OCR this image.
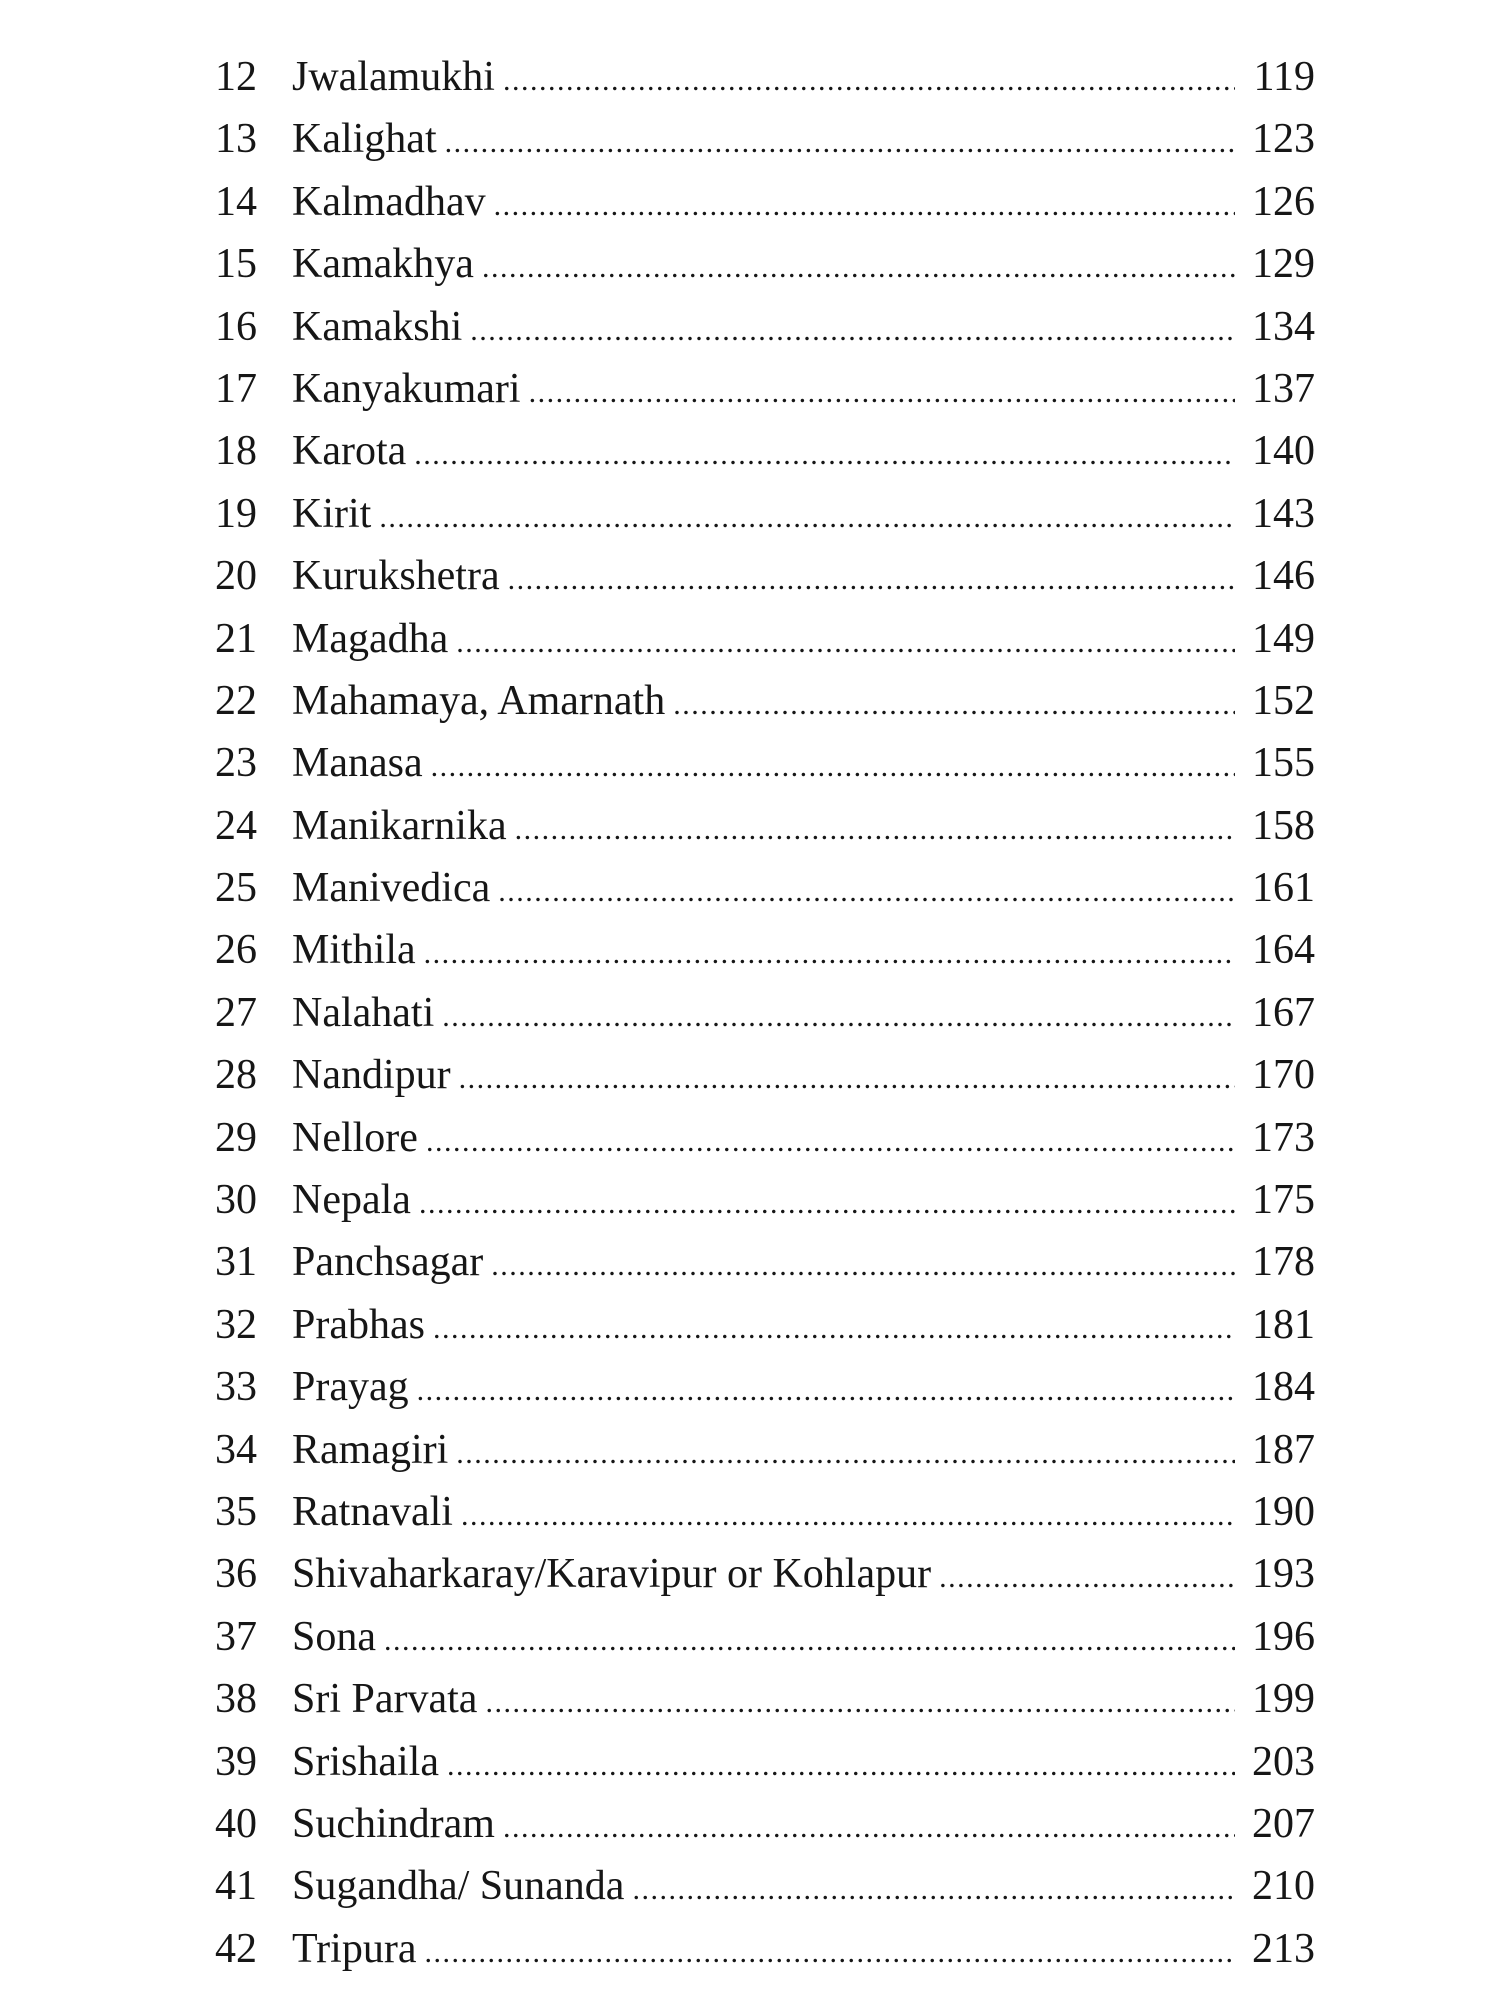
12 Jwalamukhi .....	119
13 Kalighat .....	123
14 Kalmadhav .....	126
15 Kamakhya .....	129
16 Kamakshi .....	134
17 Kanyakumari .....	137
18 Karota .....	140
19 Kirit .....	143
20 Kurukshetra .....	146
21 Magadha .....	149
22 Mahamaya, Amarnath .....	152
23 Manasa .....	155
24 Manikarnika .....	158
25 Manivedica .....	161
26 Mithila .....	164
27 Nalahati .....	167
28 Nandipur .....	170
29 Nellore .....	173
30 Nepala .....	175
31 Panchsagar .....	178
32 Prabhas .....	181
33 Prayag .....	184
34 Ramagiri .....	187
35 Ratnavali .....	190
36 Shivaharkaray/Karavipur or Kohlapur .....	193
37 Sona .....	196
38 Sri Parvata .....	199
39 Srishaila .....	203
40 Suchindram .....	207
41 Sugandha/ Sunanda .....	210
42 Tripura .....	213
